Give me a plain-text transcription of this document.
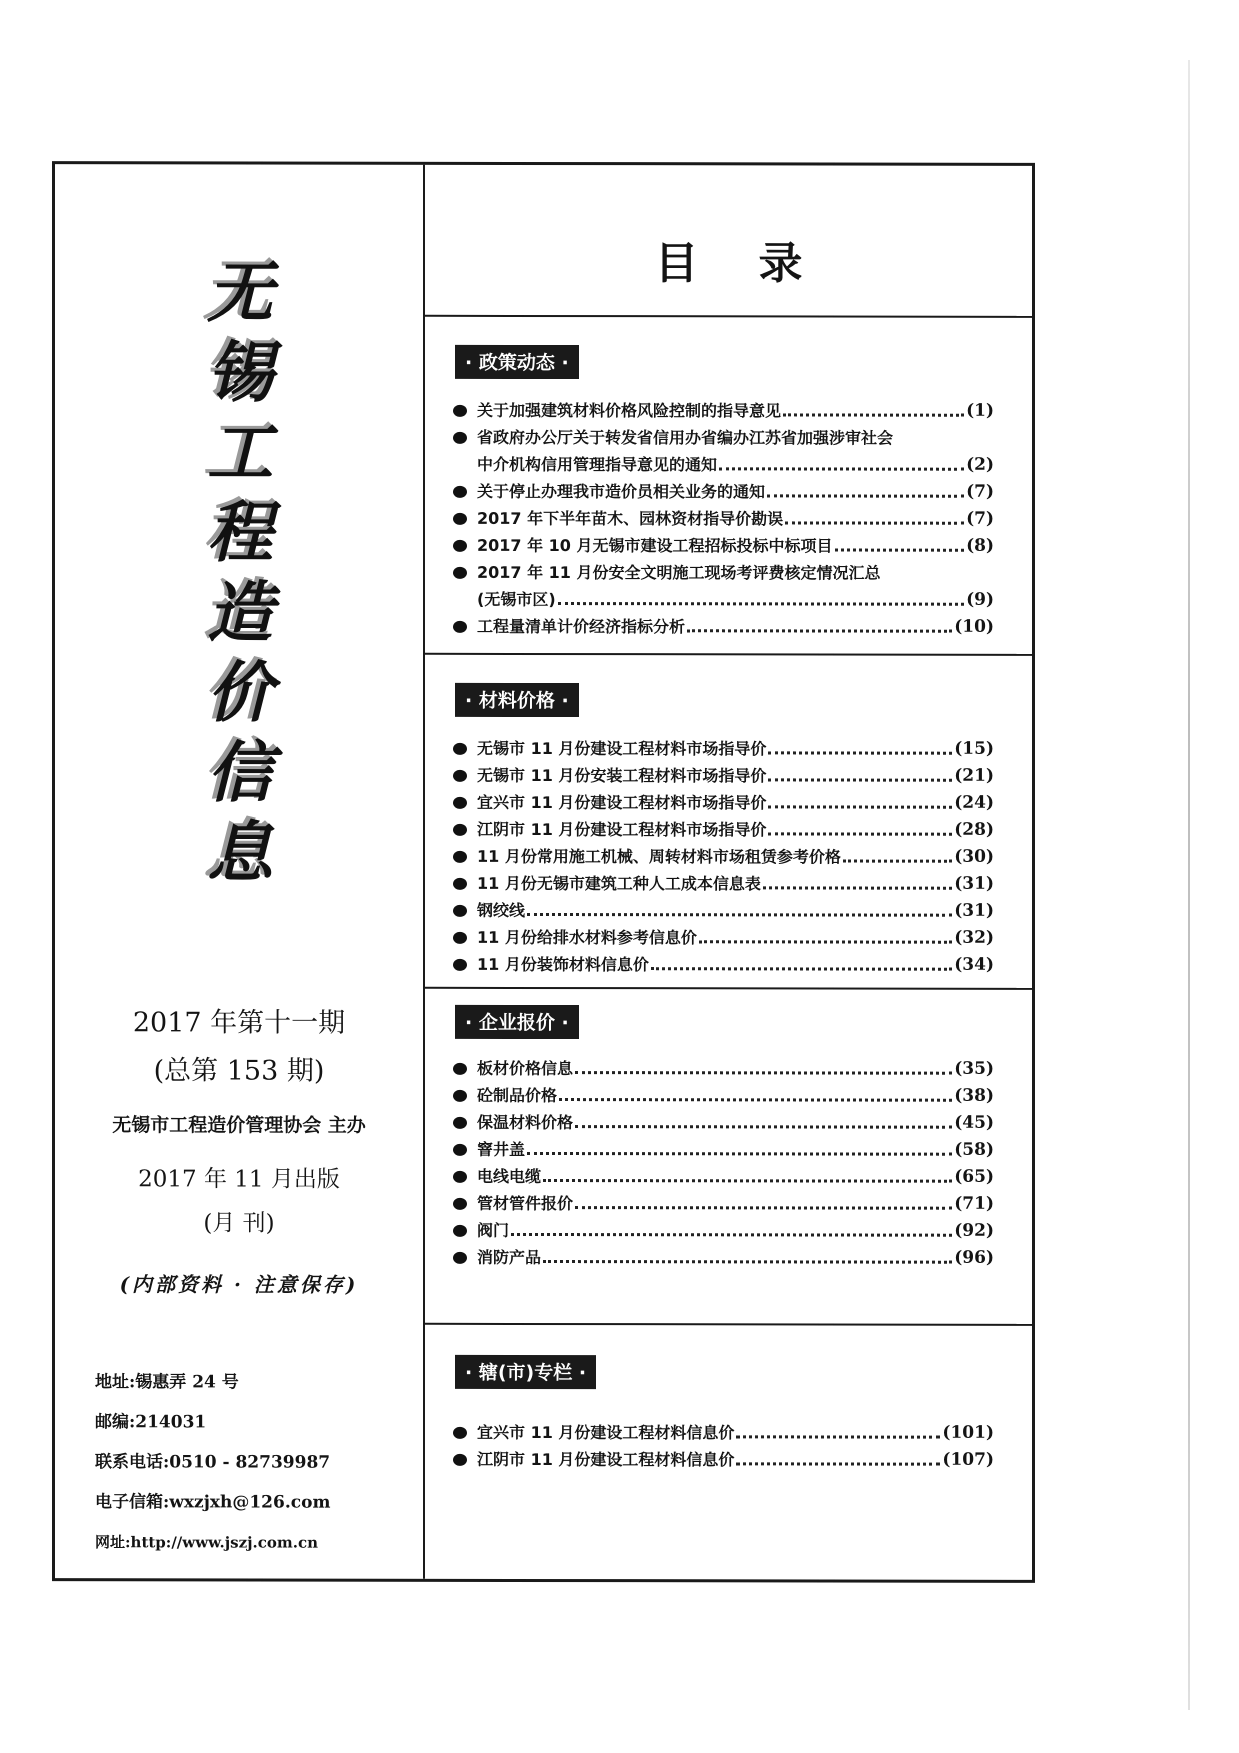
无
锡
工
程
造
价
信
息
2017 年第十一期
(总第 153 期)
无锡市工程造价管理协会 主办
2017 年 11 月出版
(月 刊)
(内部资料 · 注意保存)
地址:锡惠弄 24 号
邮编:214031
联系电话:0510 - 82739987
电子信箱:wxzjxh@126.com
网址:http://www.jszj.com.cn
目录
· 政策动态 ·
关于加强建筑材料价格风险控制的指导意见	(1)
省政府办公厅关于转发省信用办省编办江苏省加强涉审社会
中介机构信用管理指导意见的通知	(2)
关于停止办理我市造价员相关业务的通知	(7)
2017 年下半年苗木、园林资材指导价勘误	(7)
2017 年 10 月无锡市建设工程招标投标中标项目	(8)
2017 年 11 月份安全文明施工现场考评费核定情况汇总
(无锡市区)	(9)
工程量清单计价经济指标分析	(10)
· 材料价格 ·
无锡市 11 月份建设工程材料市场指导价	(15)
无锡市 11 月份安装工程材料市场指导价	(21)
宜兴市 11 月份建设工程材料市场指导价	(24)
江阴市 11 月份建设工程材料市场指导价	(28)
11 月份常用施工机械、周转材料市场租赁参考价格	(30)
11 月份无锡市建筑工种人工成本信息表	(31)
钢绞线	(31)
11 月份给排水材料参考信息价	(32)
11 月份装饰材料信息价	(34)
· 企业报价 ·
板材价格信息	(35)
砼制品价格	(38)
保温材料价格	(45)
窨井盖	(58)
电线电缆	(65)
管材管件报价	(71)
阀门	(92)
消防产品	(96)
· 辖(市)专栏 ·
宜兴市 11 月份建设工程材料信息价	(101)
江阴市 11 月份建设工程材料信息价	(107)
